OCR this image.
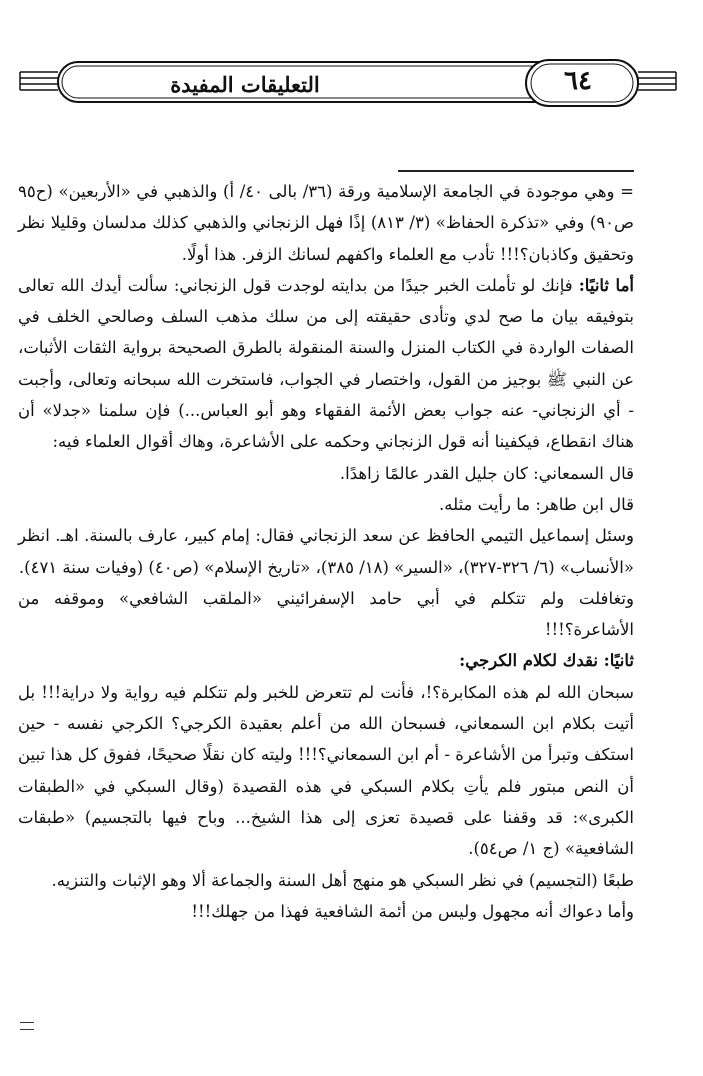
٦٤
التعليقات المفيدة

= وهي موجودة في الجامعة الإسلامية ورقة (٣٦/ بالى ٤٠/ أ) والذهبي في «الأربعين» (ح٩٥ ص٩٠) وفي «تذكرة الحفاظ» (٣/ ٨١٣) إذًا فهل الزنجاني والذهبي كذلك مدلسان وقليلا نظر وتحقيق وكاذبان؟!!! تأدب مع العلماء واكفهم لسانك الزفر. هذا أولًا.

أما ثانيًا: فإنك لو تأملت الخبر جيدًا من بدايته لوجدت قول الزنجاني: سألت أيدك الله تعالى بتوفيقه بيان ما صح لدي وتأدى حقيقته إلى من سلك مذهب السلف وصالحي الخلف في الصفات الواردة في الكتاب المنزل والسنة المنقولة بالطرق الصحيحة برواية الثقات الأثبات، عن النبي ﷺ بوجيز من القول، واختصار في الجواب، فاستخرت الله سبحانه وتعالى، وأجبت - أي الزنجاني- عنه جواب بعض الأئمة الفقهاء وهو أبو العباس...) فإن سلمنا «جدلا» أن هناك انقطاع، فيكفينا أنه قول الزنجاني وحكمه على الأشاعرة، وهاك أقوال العلماء فيه:

قال السمعاني: كان جليل القدر عالمًا زاهدًا.

قال ابن طاهر: ما رأيت مثله.

وسئل إسماعيل التيمي الحافظ عن سعد الزنجاني فقال: إمام كبير، عارف بالسنة. اهـ. انظر «الأنساب» (٦/ ٣٢٦-٣٢٧)، «السير» (١٨/ ٣٨٥)، «تاريخ الإسلام» (ص٤٠) (وفيات سنة ٤٧١).

وتغافلت ولم تتكلم في أبي حامد الإسفرائيني «الملقب الشافعي» وموقفه من الأشاعرة؟!!!

ثانيًا: نقدك لكلام الكرجي:

سبحان الله لم هذه المكابرة؟!، فأنت لم تتعرض للخبر ولم تتكلم فيه رواية ولا دراية!!! بل أتيت بكلام ابن السمعاني، فسبحان الله من أعلم بعقيدة الكرجي؟ الكرجي نفسه - حين استكف وتبرأ من الأشاعرة - أم ابن السمعاني؟!!! وليته كان نقلًا صحيحًا، ففوق كل هذا تبين أن النص مبتور فلم يأتِ بكلام السبكي في هذه القصيدة (وقال السبكي في «الطبقات الكبرى»: قد وقفنا على قصيدة تعزى إلى هذا الشيخ... وباح فيها بالتجسيم) «طبقات الشافعية» (ج ١/ ص٥٤).

طبعًا (التجسيم) في نظر السبكي هو منهج أهل السنة والجماعة ألا وهو الإثبات والتنزيه.

وأما دعواك أنه مجهول وليس من أئمة الشافعية فهذا من جهلك!!!
